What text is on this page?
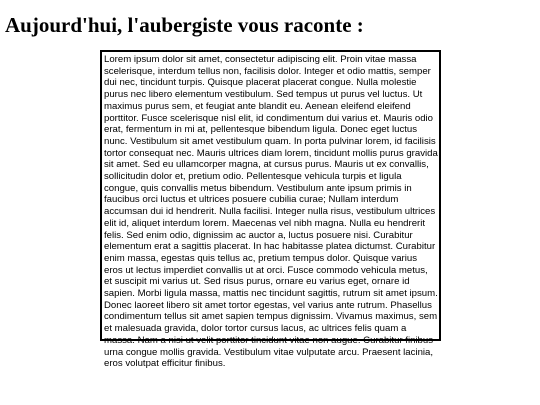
Aujourd'hui, l'aubergiste vous raconte :

Lorem ipsum dolor sit amet, consectetur adipiscing elit. Proin vitae massa scelerisque, interdum tellus non, facilisis dolor. Integer et odio mattis, semper dui nec, tincidunt turpis. Quisque placerat placerat congue. Nulla molestie purus nec libero elementum vestibulum. Sed tempus ut purus vel luctus. Ut maximus purus sem, et feugiat ante blandit eu. Aenean eleifend eleifend porttitor. Fusce scelerisque nisl elit, id condimentum dui varius et. Mauris odio erat, fermentum in mi at, pellentesque bibendum ligula. Donec eget luctus nunc. Vestibulum sit amet vestibulum quam. In porta pulvinar lorem, id facilisis tortor consequat nec. Mauris ultrices diam lorem, tincidunt mollis purus gravida sit amet. Sed eu ullamcorper magna, at cursus purus. Mauris ut ex convallis, sollicitudin dolor et, pretium odio. Pellentesque vehicula turpis et ligula congue, quis convallis metus bibendum. Vestibulum ante ipsum primis in faucibus orci luctus et ultrices posuere cubilia curae; Nullam interdum accumsan dui id hendrerit. Nulla facilisi. Integer nulla risus, vestibulum ultrices elit id, aliquet interdum lorem. Maecenas vel nibh magna. Nulla eu hendrerit felis. Sed enim odio, dignissim ac auctor a, luctus posuere nisi. Curabitur elementum erat a sagittis placerat. In hac habitasse platea dictumst. Curabitur enim massa, egestas quis tellus ac, pretium tempus dolor. Quisque varius eros ut lectus imperdiet convallis ut at orci. Fusce commodo vehicula metus, et suscipit mi varius ut. Sed risus purus, ornare eu varius eget, ornare id sapien. Morbi ligula massa, mattis nec tincidunt sagittis, rutrum sit amet ipsum. Donec laoreet libero sit amet tortor egestas, vel varius ante rutrum. Phasellus condimentum tellus sit amet sapien tempus dignissim. Vivamus maximus, sem et malesuada gravida, dolor tortor cursus lacus, ac ultrices felis quam a massa. Nam a nisi ut velit porttitor tincidunt vitae non augue. Curabitur finibus urna congue mollis gravida. Vestibulum vitae vulputate arcu. Praesent lacinia, eros volutpat efficitur finibus.
